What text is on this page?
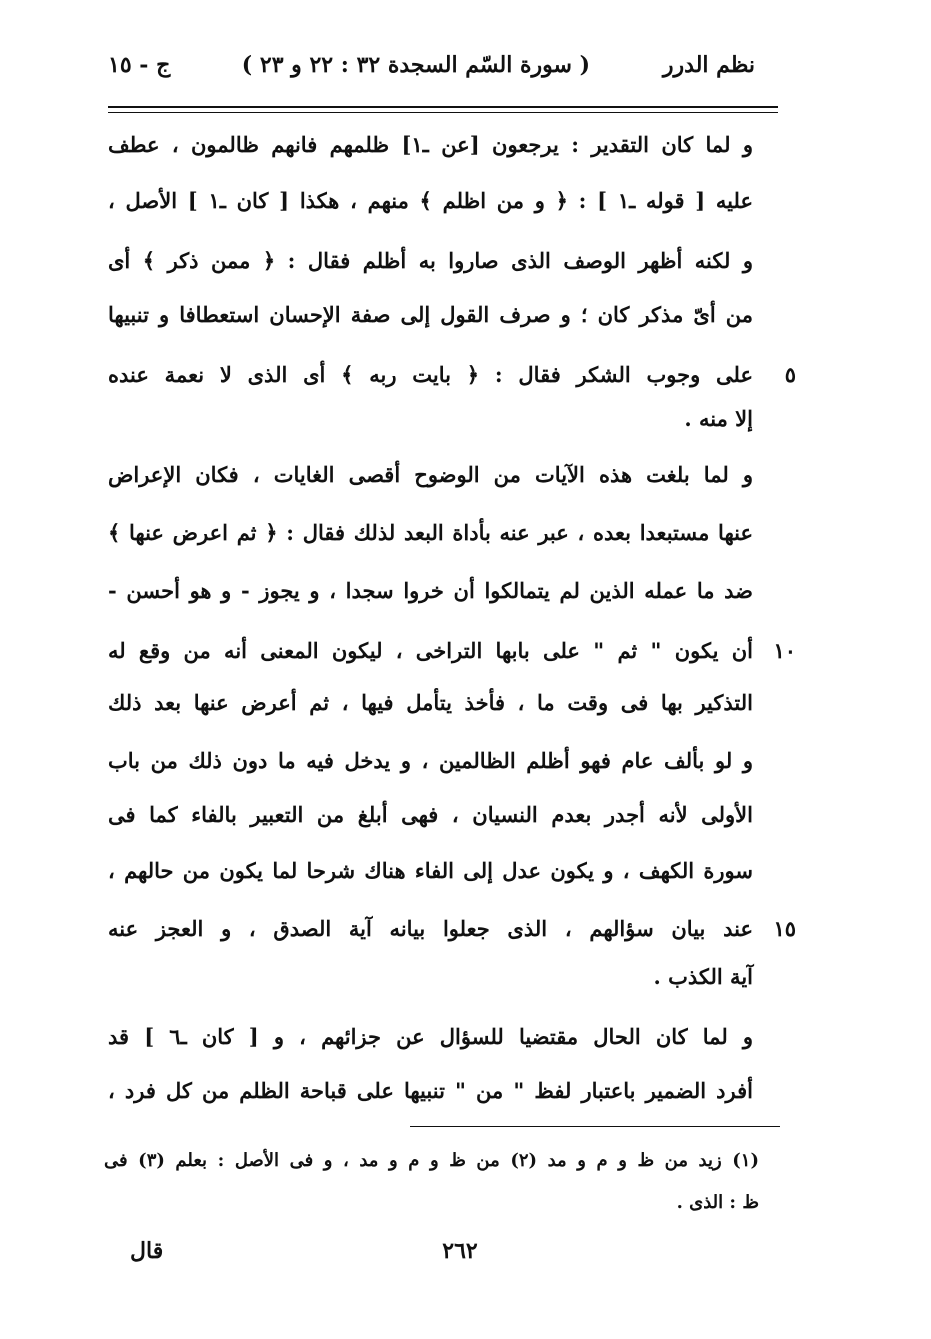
نظم الدرر
( سورة السّم السجدة ٣٢ : ٢٢ و ٢٣ )
ج - ١٥
و لما كان التقدير : يرجعون [عن ـ١] ظلمهم فانهم ظالمون ، عطف
عليه [ قوله ـ١ ] : ﴿ و من اظلم ﴾ منهم ، هكذا [ كان ـ١ ] الأصل ،
و لكنه أظهر الوصف الذى صاروا به أظلم فقال : ﴿ ممن ذكر ﴾ أى
من أىّ مذكر كان ؛ و صرف القول إلى صفة الإحسان استعطافا و تنبيها
على وجوب الشكر فقال : ﴿ بايت ربه ﴾ أى الذى لا نعمة عنده	٥
إلا منه .
و لما بلغت هذه الآيات من الوضوح أقصى الغايات ، فكان الإعراض
عنها مستبعدا بعده ، عبر عنه بأداة البعد لذلك فقال : ﴿ ثم اعرض عنها ﴾
ضد ما عمله الذين لم يتمالكوا أن خروا سجدا ، و يجوز - و هو أحسن -
أن يكون " ثم " على بابها التراخى ، ليكون المعنى أنه من وقع له ١٠
التذكير بها فى وقت ما ، فأخذ يتأمل فيها ، ثم أعرض عنها بعد ذلك
و لو بألف عام فهو أظلم الظالمين ، و يدخل فيه ما دون ذلك من باب
الأولى لأنه أجدر بعدم النسيان ، فهى أبلغ من التعبير بالفاء كما فى
سورة الكهف ، و يكون عدل إلى الفاء هناك شرحا لما يكون من حالهم ،
عند بيان سؤالهم ، الذى جعلوا بيانه آية الصدق ، و العجز عنه ١٥
آية الكذب .
و لما كان الحال مقتضيا للسؤال عن جزائهم ، و [ كان ـ٦ ] قد
أفرد الضمير باعتبار لفظ " من " تنبيها على قباحة الظلم من كل فرد ،
(١) زيد من ظ و م و مد (٢) من ظ و م و مد ، و فى الأصل : بعلم (٣) فى
ظ : الذى .
٢٦٢
قال
